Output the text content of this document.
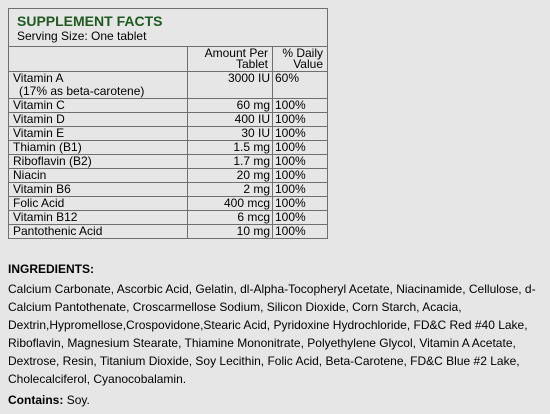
SUPPLEMENT FACTS
Serving Size: One tablet
	Amount Per Tablet	% Daily Value

Vitamin A
(17% as beta-carotene)	3000 IU	60%

Vitamin C	60 mg	100%

Vitamin D	400 IU	100%

Vitamin E	30 IU	100%

Thiamin (B1)	1.5 mg	100%

Riboflavin (B2)	1.7 mg	100%

Niacin	20 mg	100%

Vitamin B6	2 mg	100%

Folic Acid	400 mcg	100%

Vitamin B12	6 mcg	100%

Pantothenic Acid	10 mg	100%
INGREDIENTS:
Calcium Carbonate, Ascorbic Acid, Gelatin, dl-Alpha-Tocopheryl Acetate, Niacinamide, Cellulose, d-Calcium Pantothenate, Croscarmellose Sodium, Silicon Dioxide, Corn Starch, Acacia, Dextrin,Hypromellose,Crospovidone,Stearic Acid, Pyridoxine Hydrochloride, FD&C Red #40 Lake, Riboflavin, Magnesium Stearate, Thiamine Mononitrate, Polyethylene Glycol, Vitamin A Acetate, Dextrose, Resin, Titanium Dioxide, Soy Lecithin, Folic Acid, Beta-Carotene, FD&C Blue #2 Lake, Cholecalciferol, Cyanocobalamin.
Contains: Soy.
